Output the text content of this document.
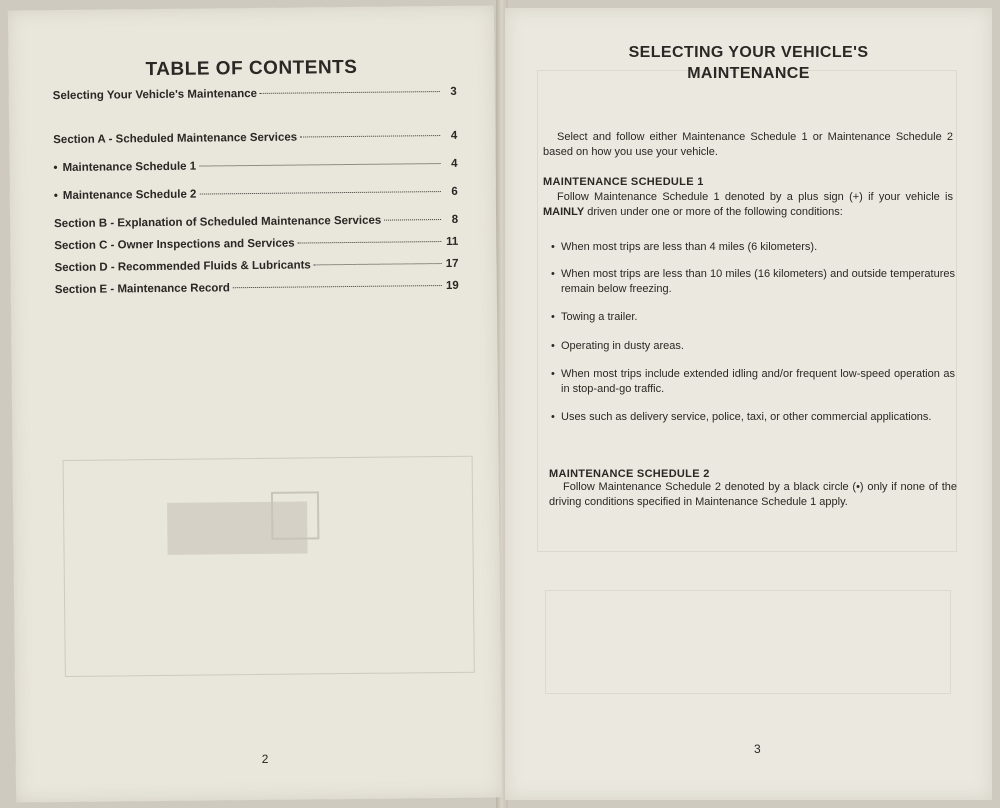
TABLE OF CONTENTS
Selecting Your Vehicle's Maintenance	3
Section A - Scheduled Maintenance Services	4
• Maintenance Schedule 1	4
• Maintenance Schedule 2	6
Section B - Explanation of Scheduled Maintenance Services	8
Section C - Owner Inspections and Services	11
Section D - Recommended Fluids & Lubricants	17
Section E - Maintenance Record	19
2
SELECTING YOUR VEHICLE'S
MAINTENANCE
Select and follow either Maintenance Schedule 1 or Maintenance Schedule 2 based on how you use your vehicle.
MAINTENANCE SCHEDULE 1
Follow Maintenance Schedule 1 denoted by a plus sign (+) if your vehicle is MAINLY driven under one or more of the following conditions:
• When most trips are less than 4 miles (6 kilometers).
• When most trips are less than 10 miles (16 kilometers) and outside temperatures remain below freezing.
• Towing a trailer.
• Operating in dusty areas.
• When most trips include extended idling and/or frequent low-speed operation as in stop-and-go traffic.
• Uses such as delivery service, police, taxi, or other commercial applications.
MAINTENANCE SCHEDULE 2
Follow Maintenance Schedule 2 denoted by a black circle (•) only if none of the driving conditions specified in Maintenance Schedule 1 apply.
3
